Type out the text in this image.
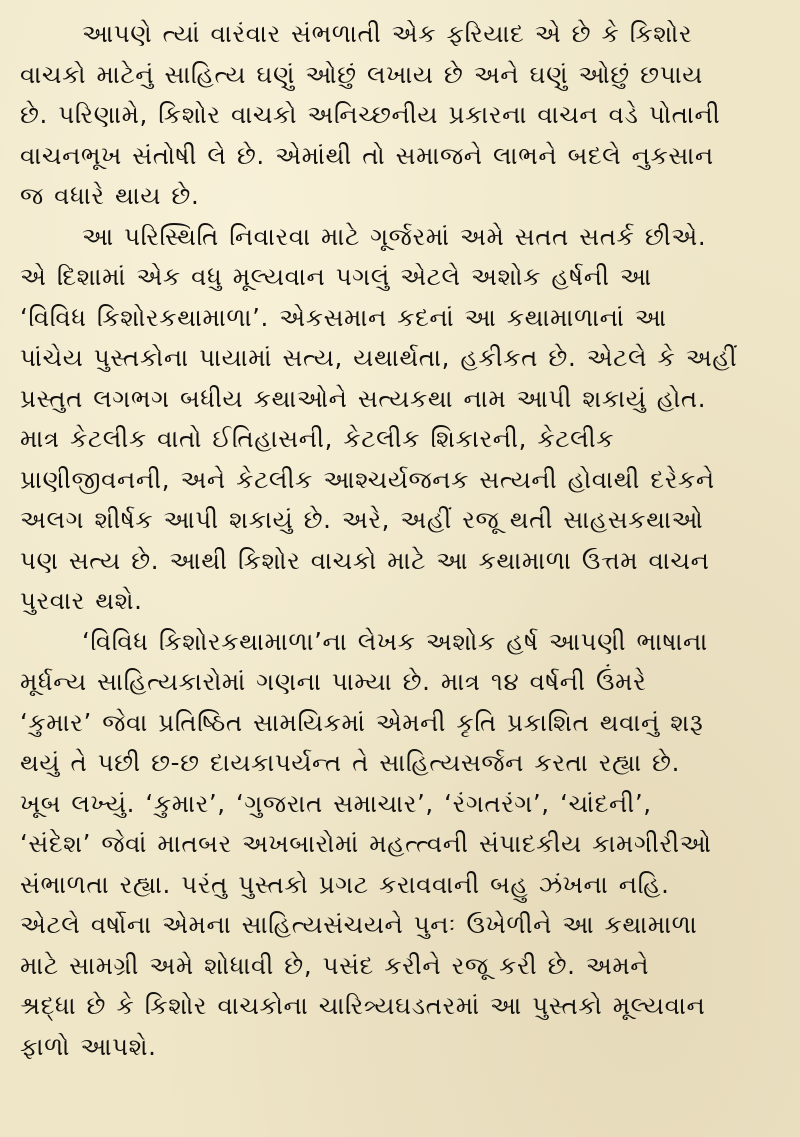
આપણે ત્યાં વારંવાર સંભળાતી એક ફરિયાદ એ છે કે કિશોર
વાચકો માટેનું સાહિત્ય ઘણું ઓછું લખાય છે અને ઘણું ઓછું છપાય
છે. પરિણામે, કિશોર વાચકો અનિચ્છનીય પ્રકારના વાચન વડે પોતાની
વાચનભૂખ સંતોષી લે છે. એમાંથી તો સમાજને લાભને બદલે નુકસાન
જ વધારે થાય છે.
આ પરિસ્થિતિ નિવારવા માટે ગૂર્જરમાં અમે સતત સતર્ક છીએ.
એ દિશામાં એક વધુ મૂલ્યવાન પગલું એટલે અશોક હર્ષની આ
‘વિવિધ કિશોરકથામાળા’. એકસમાન કદનાં આ કથામાળાનાં આ
પાંચેય પુસ્તકોના પાયામાં સત્ય, યથાર્થતા, હકીકત છે. એટલે કે અહીં
પ્રસ્તુત લગભગ બધીય કથાઓને સત્યકથા નામ આપી શકાયું હોત.
માત્ર કેટલીક વાતો ઈતિહાસની, કેટલીક શિકારની, કેટલીક
પ્રાણીજીવનની, અને કેટલીક આશ્ચર્યજનક સત્યની હોવાથી દરેકને
અલગ શીર્ષક આપી શકાયું છે. અરે, અહીં રજૂ થતી સાહસકથાઓ
પણ સત્ય છે. આથી કિશોર વાચકો માટે આ કથામાળા ઉત્તમ વાચન
પુરવાર થશે.
‘વિવિધ કિશોરકથામાળા’ના લેખક અશોક હર્ષ આપણી ભાષાના
મૂર્ધન્ય સાહિત્યકારોમાં ગણના પામ્યા છે. માત્ર ૧૪ વર્ષની ઉંમરે
‘કુમાર’ જેવા પ્રતિષ્ઠિત સામયિકમાં એમની કૃતિ પ્રકાશિત થવાનું શરૂ
થયું તે પછી છ-છ દાયકાપર્યન્ત તે સાહિત્યસર્જન કરતા રહ્યા છે.
ખૂબ લખ્યું. ‘કુમાર’, ‘ગુજરાત સમાચાર’, ‘રંગતરંગ’, ‘ચાંદની’,
‘સંદેશ’ જેવાં માતબર અખબારોમાં મહત્ત્વની સંપાદકીય કામગીરીઓ
સંભાળતા રહ્યા. પરંતુ પુસ્તકો પ્રગટ કરાવવાની બહુ ઝંખના નહિ.
એટલે વર્ષોના એમના સાહિત્યસંચયને પુનઃ ઉખેળીને આ કથામાળા
માટે સામગ્રી અમે શોધાવી છે, પસંદ કરીને રજૂ કરી છે. અમને
શ્રદ્ધા છે કે કિશોર વાચકોના ચારિત્ર્યઘડતરમાં આ પુસ્તકો મૂલ્યવાન
ફાળો આપશે.
